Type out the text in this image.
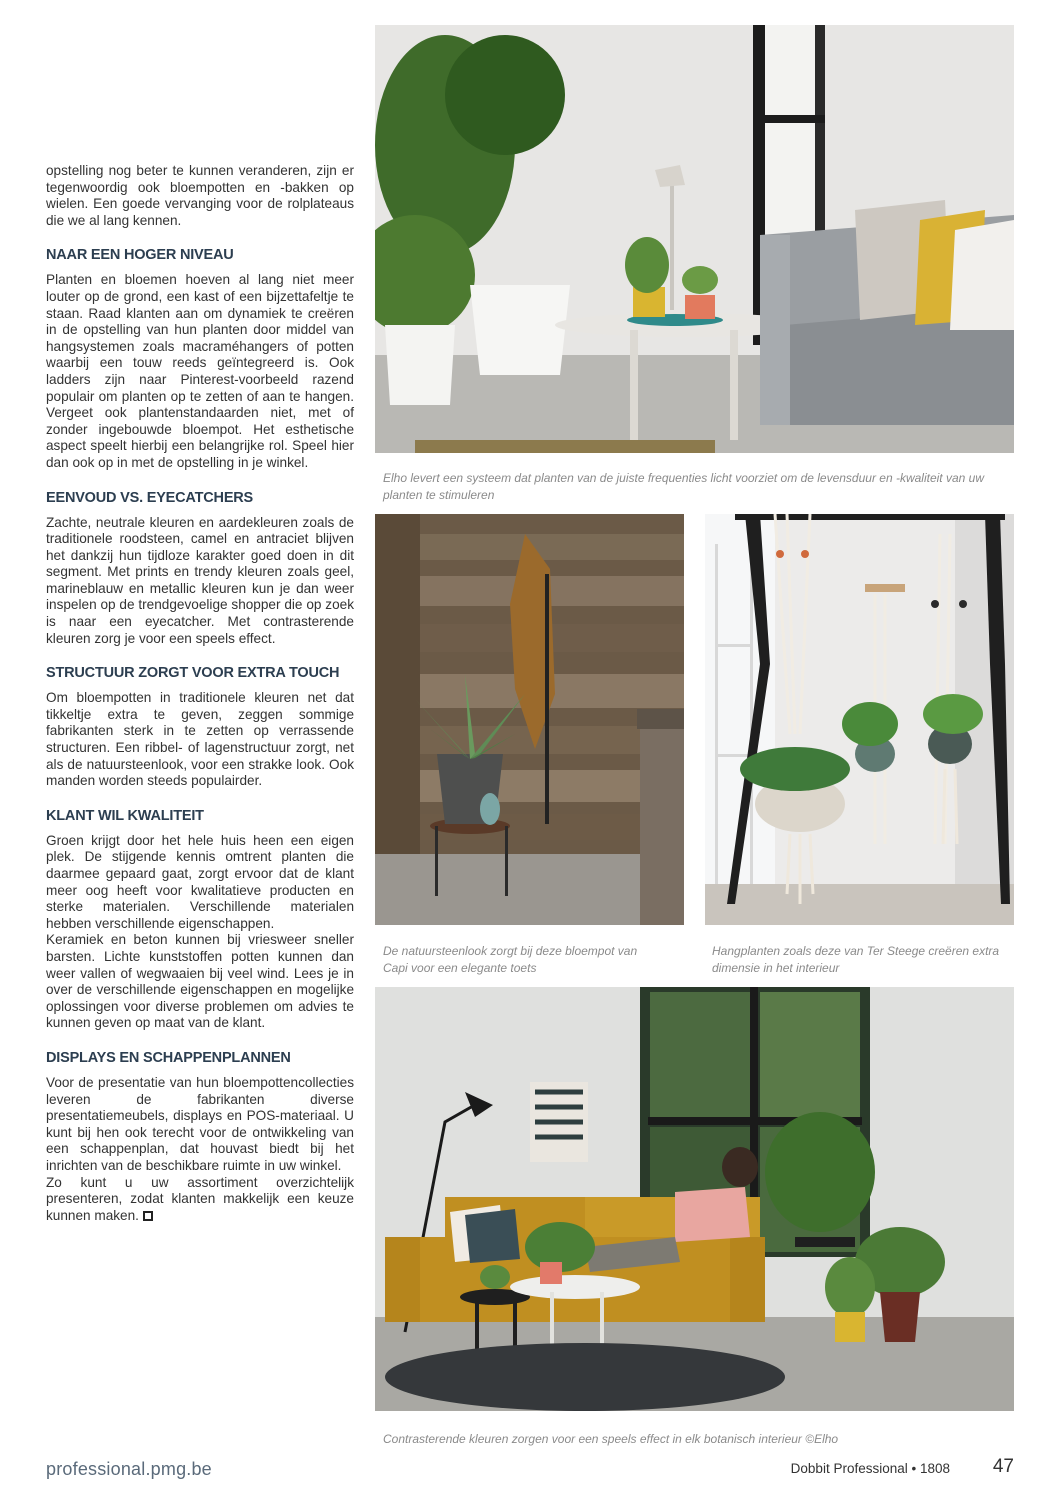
opstelling nog beter te kunnen veranderen, zijn er tegenwoordig ook bloempotten en -bakken op wielen. Een goede vervanging voor de rolplateaus die we al lang kennen.

NAAR EEN HOGER NIVEAU

Planten en bloemen hoeven al lang niet meer louter op de grond, een kast of een bijzettafeltje te staan. Raad klanten aan om dynamiek te creëren in de opstelling van hun planten door middel van hangsystemen zoals macraméhangers of potten waarbij een touw reeds geïntegreerd is. Ook ladders zijn naar Pinterest-voorbeeld razend populair om planten op te zetten of aan te hangen. Vergeet ook plantenstandaarden niet, met of zonder ingebouwde bloempot. Het esthetische aspect speelt hierbij een belangrijke rol. Speel hier dan ook op in met de opstelling in je winkel.

EENVOUD VS. EYECATCHERS

Zachte, neutrale kleuren en aardekleuren zoals de traditionele roodsteen, camel en antraciet blijven het dankzij hun tijdloze karakter goed doen in dit segment. Met prints en trendy kleuren zoals geel, marineblauw en metallic kleuren kun je dan weer inspelen op de trendgevoelige shopper die op zoek is naar een eyecatcher. Met contrasterende kleuren zorg je voor een speels effect.

STRUCTUUR ZORGT VOOR EXTRA TOUCH

Om bloempotten in traditionele kleuren net dat tikkeltje extra te geven, zeggen sommige fabrikanten sterk in te zetten op verrassende structuren. Een ribbel- of lagenstructuur zorgt, net als de natuursteenlook, voor een strakke look. Ook manden worden steeds populairder.

KLANT WIL KWALITEIT

Groen krijgt door het hele huis heen een eigen plek. De stijgende kennis omtrent planten die daarmee gepaard gaat, zorgt ervoor dat de klant meer oog heeft voor kwalitatieve producten en sterke materialen. Verschillende materialen hebben verschillende eigenschappen.

Keramiek en beton kunnen bij vriesweer sneller barsten. Lichte kunststoffen potten kunnen dan weer vallen of wegwaaien bij veel wind. Lees je in over de verschillende eigenschappen en mogelijke oplossingen voor diverse problemen om advies te kunnen geven op maat van de klant.

DISPLAYS EN SCHAPPENPLANNEN

Voor de presentatie van hun bloempottencollecties leveren de fabrikanten diverse presentatiemeubels, displays en POS-materiaal. U kunt bij hen ook terecht voor de ontwikkeling van een schappenplan, dat houvast biedt bij het inrichten van de beschikbare ruimte in uw winkel.

Zo kunt u uw assortiment overzichtelijk presenteren, zodat klanten makkelijk een keuze kunnen maken.

Elho levert een systeem dat planten van de juiste frequenties licht voorziet om de levensduur en -kwaliteit van uw planten te stimuleren
De natuursteenlook zorgt bij deze bloempot van Capi voor een elegante toets
Hangplanten zoals deze van Ter Steege creëren extra dimensie in het interieur
Contrasterende kleuren zorgen voor een speels effect in elk botanisch interieur ©Elho
professional.pmg.be	Dobbit Professional • 1808 47
